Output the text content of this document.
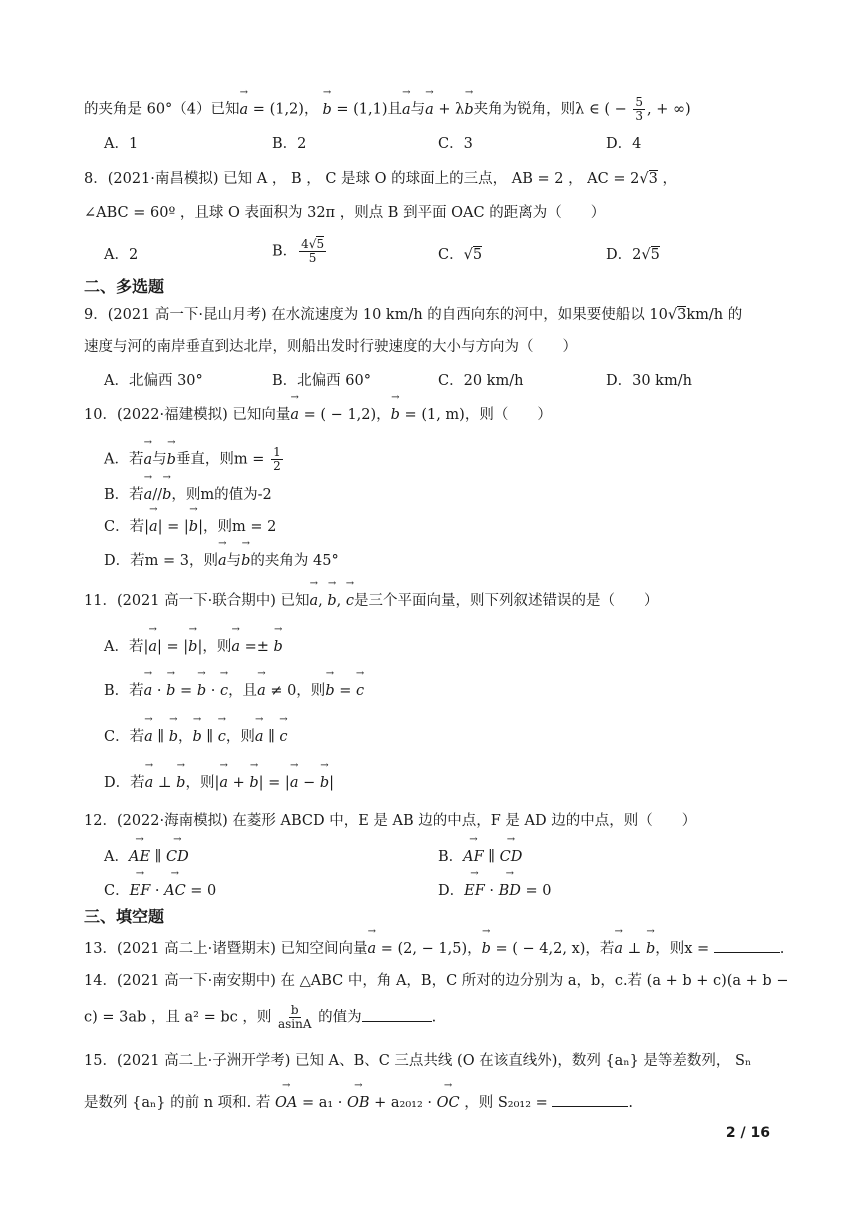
的夹角是 60°（4）已知→ a = (1,2)，→ b = (1,1)且→ a与→ a + λ→ b夹角为锐角，则λ ∈ ( − $\frac{5}{3}$ , + ∞)
A．1	B．2	C．3	D．4
8．(2021·南昌模拟) 已知 A ， B ， C 是球 O 的球面上的三点， AB = 2 ， AC = 2√3 ，
∠ABC = 60º ，且球 O 表面积为 32π ，则点 B 到平面 OAC 的距离为（　　）
A．2	B． $\frac{4√5}{5}$	C．√5	D．2√5
二、多选题
9．(2021 高一下·昆山月考) 在水流速度为 10 km/h 的自西向东的河中，如果要使船以 10√3km/h 的
速度与河的南岸垂直到达北岸，则船出发时行驶速度的大小与方向为（　　）
A．北偏西 30°	B．北偏西 60°	C．20 km/h	D．30 km/h
10．(2022·福建模拟) 已知向量→ a = ( − 1,2)，→ b = (1, m)，则（　　）
A．若→ a与→ b垂直，则$m = \frac{1}{2}$
B．若→ a//→ b，则m的值为-2
C．若|→ a| = |→ b|，则m = 2
D．若m = 3，则→ a与→ b的夹角为 45°
11．(2021 高一下·联合期中) 已知→ a, → b, → c是三个平面向量，则下列叙述错误的是（　　）
A．若|→ a| = |→ b|，则→ a =± → b
B．若→ a · → b = → b · → c，且→ a ≠ 0，则→ b = → c
C．若→ a ∥ → b，→ b ∥ → c，则→ a ∥ → c
D．若→ a ⊥ → b，则|→ a + → b| = |→ a − → b|
12．(2022·海南模拟) 在菱形 ABCD 中，E 是 AB 边的中点，F 是 AD 边的中点，则（　　）
A．→ AE ∥ → CD	B．→ AF ∥ → CD
C．→ EF · → AC = 0	D．→ EF · → BD = 0
三、填空题
13．(2021 高二上·诸暨期末) 已知空间向量→ a = (2, − 1,5)，→ b = ( − 4,2, x)，若→ a ⊥ → b，则x =	.
14．(2021 高一下·南安期中) 在 △ABC 中，角 A，B，C 所对的边分别为 a，b，c.若 (a + b + c)(a + b −
c) = 3ab ，且 a² = bc ，则 $\frac{b}{asinA}$ 的值为	.
15．(2021 高二上·子洲开学考) 已知 A、B、C 三点共线 (O 在该直线外)，数列 {aₙ} 是等差数列， Sₙ
是数列 {aₙ} 的前 n 项和. 若 → OA = a₁ · → OB + a₂₀₁₂ · → OC ，则 S₂₀₁₂ =	.
2 / 16
